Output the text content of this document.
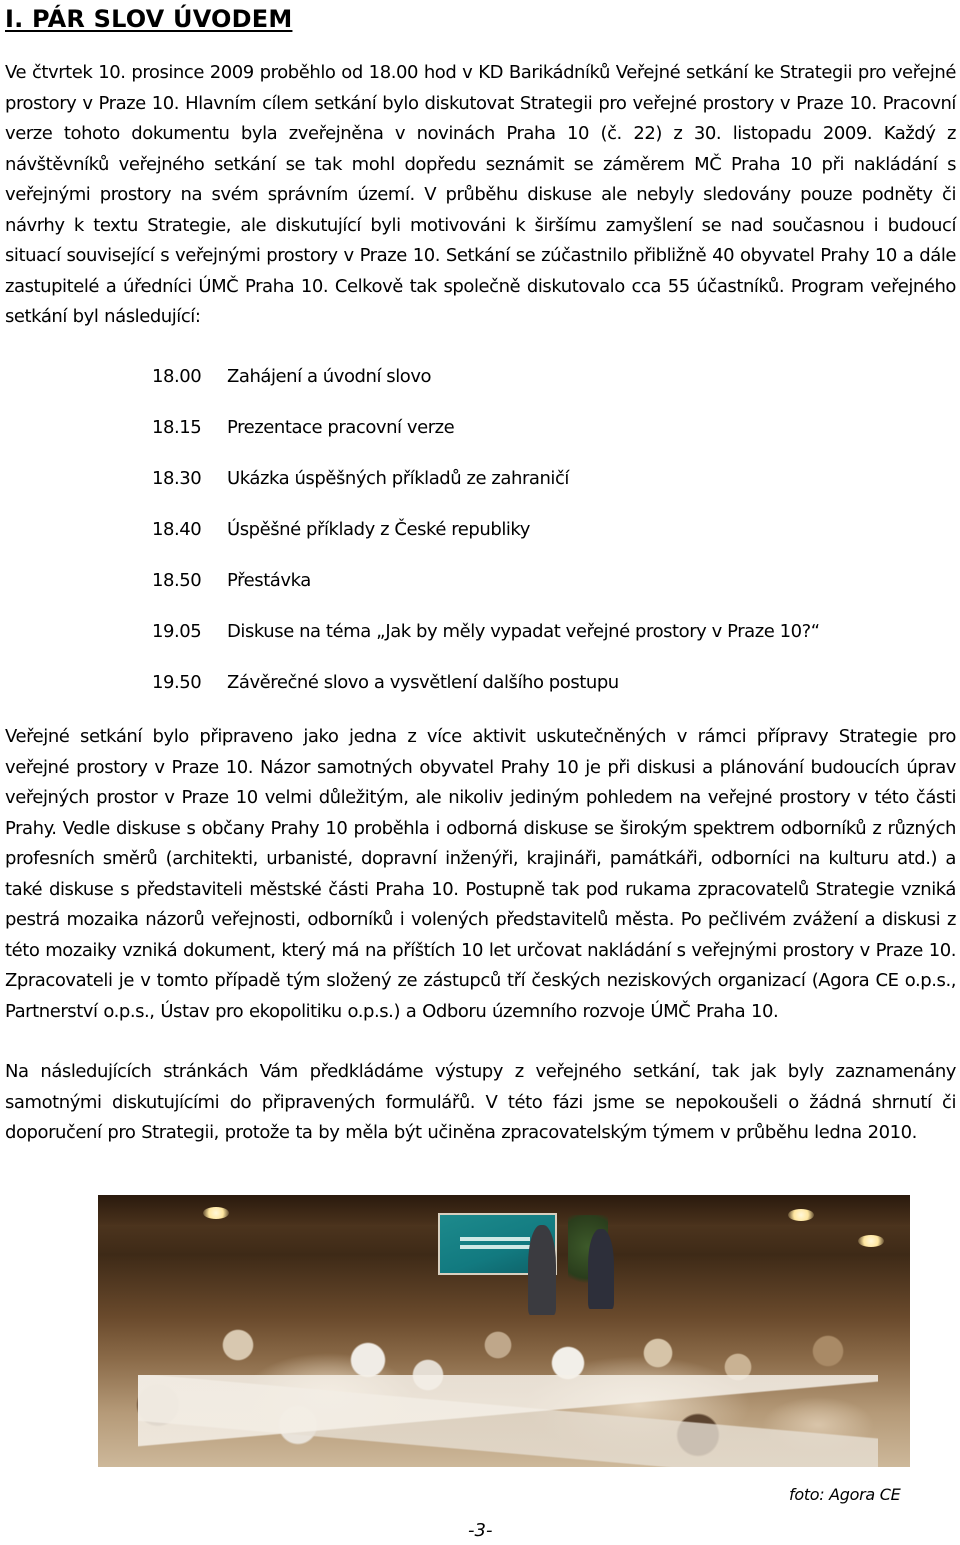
I. PÁR SLOV ÚVODEM

Ve čtvrtek 10. prosince 2009 proběhlo od 18.00 hod v KD Barikádníků Veřejné setkání ke Strategii pro veřejné prostory v Praze 10. Hlavním cílem setkání bylo diskutovat Strategii pro veřejné prostory v Praze 10. Pracovní verze tohoto dokumentu byla zveřejněna v novinách Praha 10 (č. 22) z 30. listopadu 2009. Každý z návštěvníků veřejného setkání se tak mohl dopředu seznámit se záměrem MČ Praha 10 při nakládání s veřejnými prostory na svém správním území. V průběhu diskuse ale nebyly sledovány pouze podněty či návrhy k textu Strategie, ale diskutující byli motivováni k širšímu zamyšlení se nad současnou i budoucí situací související s veřejnými prostory v Praze 10. Setkání se zúčastnilo přibližně 40 obyvatel Prahy 10 a dále zastupitelé a úředníci ÚMČ Praha 10. Celkově tak společně diskutovalo cca 55 účastníků. Program veřejného setkání byl následující:

18.00	Zahájení a úvodní slovo
18.15	Prezentace pracovní verze
18.30	Ukázka úspěšných příkladů ze zahraničí
18.40	Úspěšné příklady z České republiky
18.50	Přestávka
19.05	Diskuse na téma „Jak by měly vypadat veřejné prostory v Praze 10?“
19.50	Závěrečné slovo a vysvětlení dalšího postupu

Veřejné setkání bylo připraveno jako jedna z více aktivit uskutečněných v rámci přípravy Strategie pro veřejné prostory v Praze 10. Názor samotných obyvatel Prahy 10 je při diskusi a plánování budoucích úprav veřejných prostor v Praze 10 velmi důležitým, ale nikoliv jediným pohledem na veřejné prostory v této části Prahy. Vedle diskuse s občany Prahy 10 proběhla i odborná diskuse se širokým spektrem odborníků z různých profesních směrů (architekti, urbanisté, dopravní inženýři, krajináři, památkáři, odborníci na kulturu atd.) a také diskuse s představiteli městské části Praha 10. Postupně tak pod rukama zpracovatelů Strategie vzniká pestrá mozaika názorů veřejnosti, odborníků i volených představitelů města. Po pečlivém zvážení a diskusi z této mozaiky vzniká dokument, který má na příštích 10 let určovat nakládání s veřejnými prostory v Praze 10. Zpracovateli je v tomto případě tým složený ze zástupců tří českých neziskových organizací (Agora CE o.p.s., Partnerství o.p.s., Ústav pro ekopolitiku o.p.s.) a Odboru územního rozvoje ÚMČ Praha 10.

Na následujících stránkách Vám předkládáme výstupy z veřejného setkání, tak jak byly zaznamenány samotnými diskutujícími do připravených formulářů. V této fázi jsme se nepokoušeli o žádná shrnutí či doporučení pro Strategii, protože ta by měla být učiněna zpracovatelským týmem v průběhu ledna 2010.

foto: Agora CE
-3-
